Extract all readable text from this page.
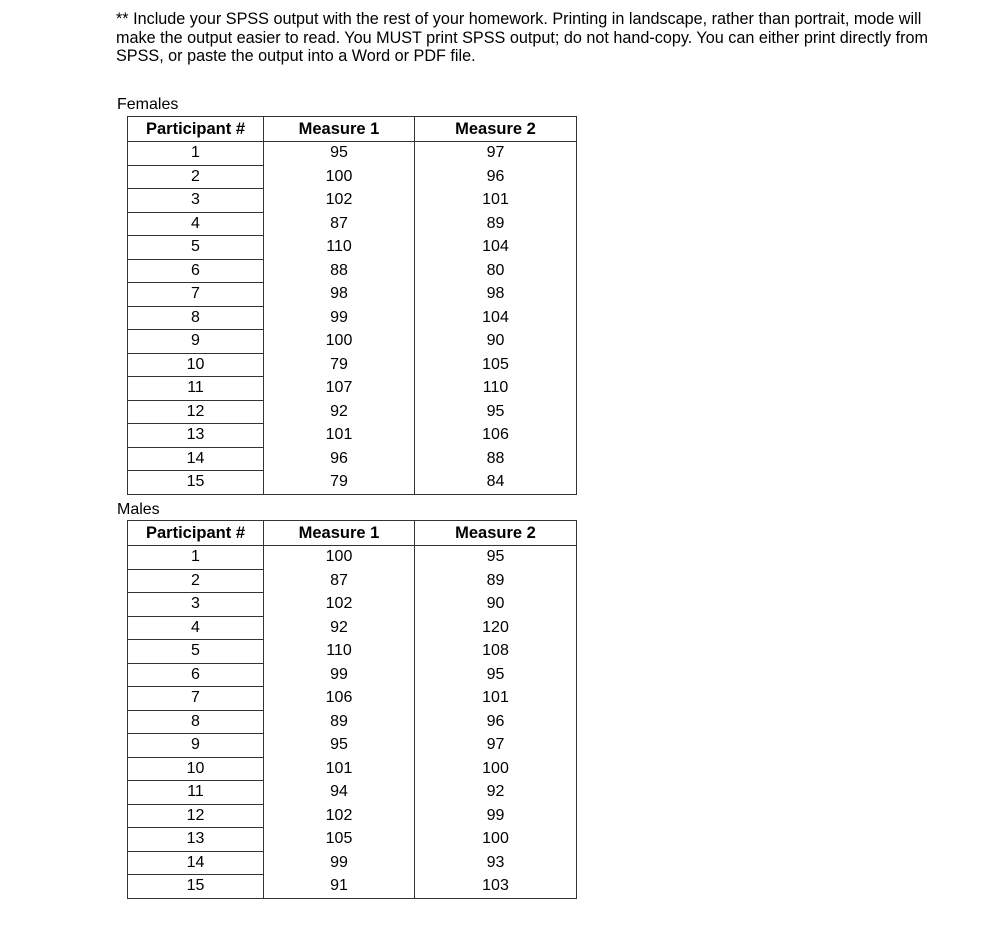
** Include your SPSS output with the rest of your homework. Printing in landscape, rather than portrait, mode will make the output easier to read. You MUST print SPSS output; do not hand-copy. You can either print directly from SPSS, or paste the output into a Word or PDF file.

Females

Participant #	Measure 1	Measure 2
1	95	97
2	100	96
3	102	101
4	87	89
5	110	104
6	88	80
7	98	98
8	99	104
9	100	90
10	79	105
11	107	110
12	92	95
13	101	106
14	96	88
15	79	84

Males

Participant #	Measure 1	Measure 2
1	100	95
2	87	89
3	102	90
4	92	120
5	110	108
6	99	95
7	106	101
8	89	96
9	95	97
10	101	100
11	94	92
12	102	99
13	105	100
14	99	93
15	91	103
